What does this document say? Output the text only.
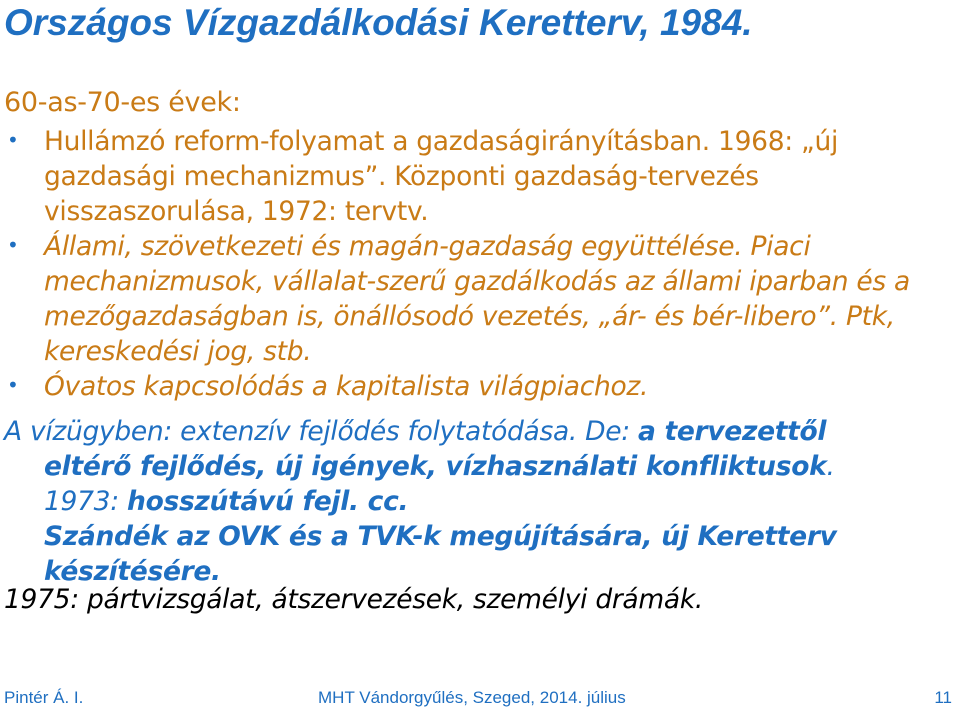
Országos Vízgazdálkodási Keretterv, 1984.
60-as-70-es évek:
• Hullámzó reform-folyamat a gazdaságirányításban. 1968: „új gazdasági mechanizmus”. Központi gazdaság-tervezés visszaszorulása, 1972: tervtv.
• Állami, szövetkezeti és magán-gazdaság együttélése. Piaci mechanizmusok, vállalat-szerű gazdálkodás az állami iparban és a mezőgazdaságban is, önállósodó vezetés, „ár- és bér-libero”. Ptk, kereskedési jog, stb.
• Óvatos kapcsolódás a kapitalista világpiachoz.
A vízügyben: extenzív fejlődés folytatódása. De: a tervezettől
eltérő fejlődés, új igények, vízhasználati konfliktusok.
1973: hosszútávú fejl. cc.
Szándék az OVK és a TVK-k megújítására, új Keretterv
készítésére.
1975: pártvizsgálat, átszervezések, személyi drámák.
Pintér Á. I.	MHT Vándorgyűlés, Szeged, 2014. július	11
